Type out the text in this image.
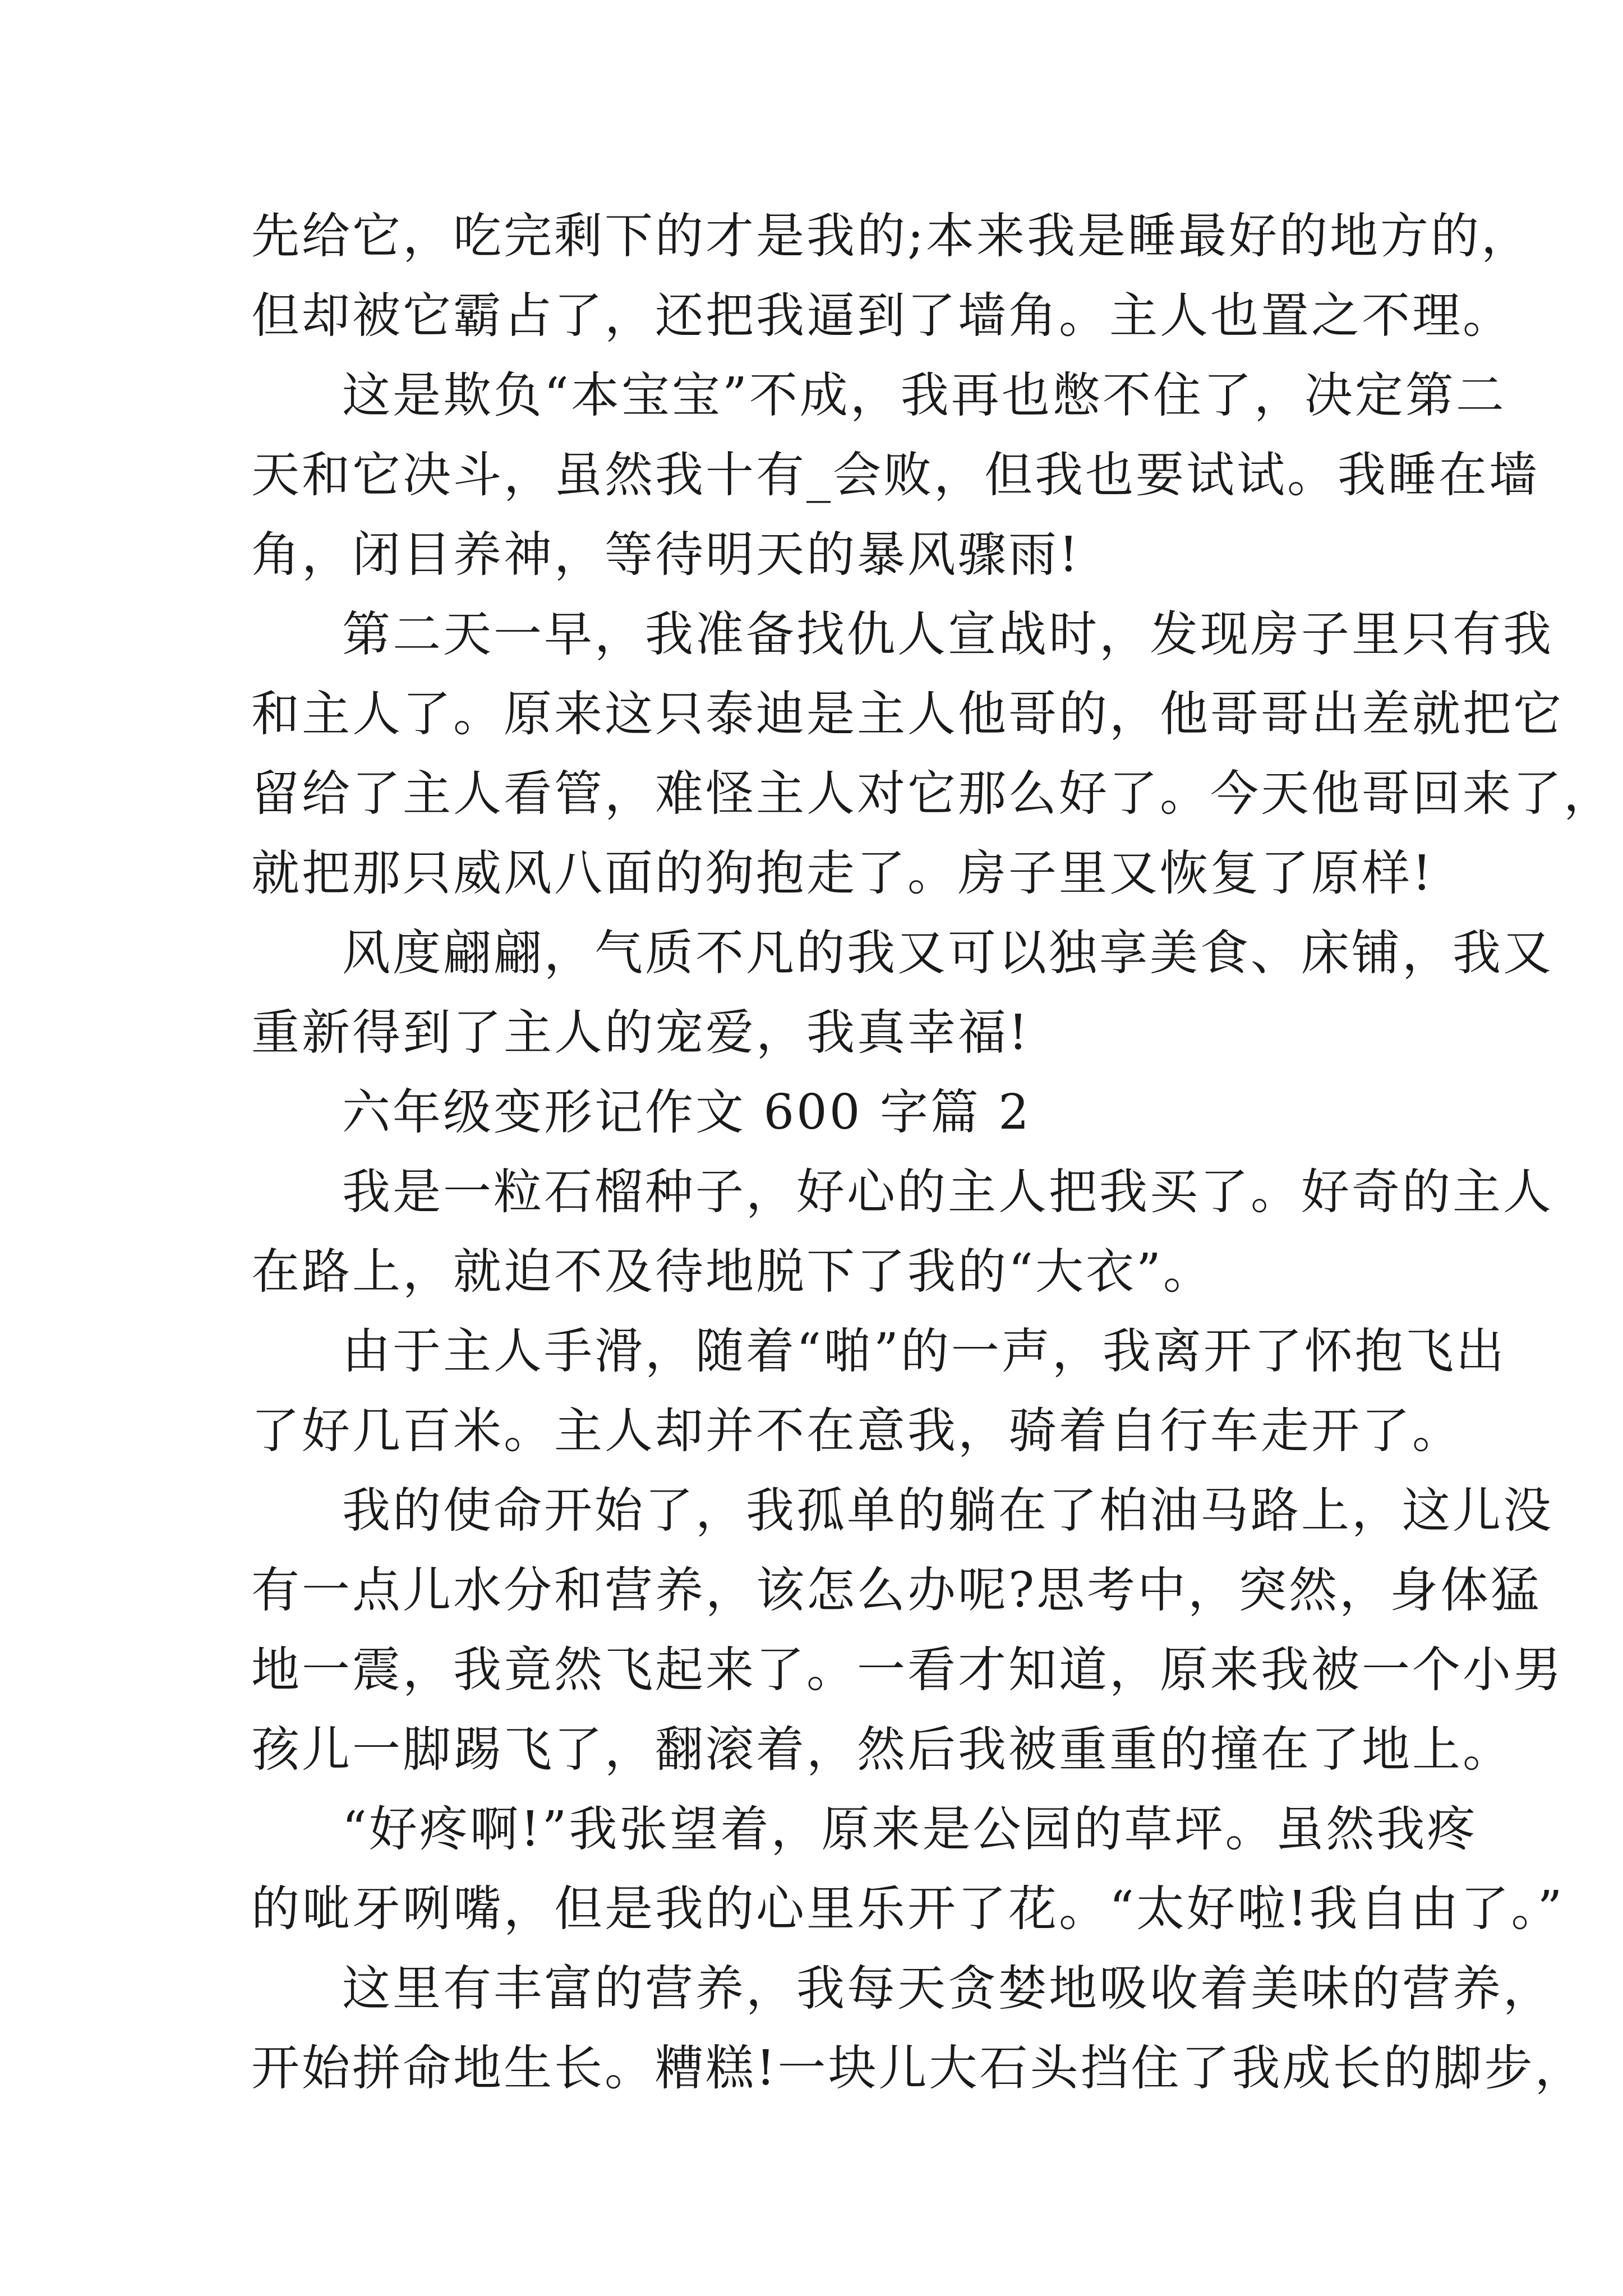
先给它，吃完剩下的才是我的;本来我是睡最好的地方的，
但却被它霸占了，还把我逼到了墙角。主人也置之不理。
这是欺负“本宝宝”不成，我再也憋不住了，决定第二
天和它决斗，虽然我十有_会败，但我也要试试。我睡在墙
角，闭目养神，等待明天的暴风骤雨!
第二天一早，我准备找仇人宣战时，发现房子里只有我
和主人了。原来这只泰迪是主人他哥的，他哥哥出差就把它
留给了主人看管，难怪主人对它那么好了。今天他哥回来了，
就把那只威风八面的狗抱走了。房子里又恢复了原样!
风度翩翩，气质不凡的我又可以独享美食、床铺，我又
重新得到了主人的宠爱，我真幸福!
六年级变形记作文 600 字篇 2
我是一粒石榴种子，好心的主人把我买了。好奇的主人
在路上，就迫不及待地脱下了我的“大衣”。
由于主人手滑，随着“啪”的一声，我离开了怀抱飞出
了好几百米。主人却并不在意我，骑着自行车走开了。
我的使命开始了，我孤单的躺在了柏油马路上，这儿没
有一点儿水分和营养，该怎么办呢?思考中，突然，身体猛
地一震，我竟然飞起来了。一看才知道，原来我被一个小男
孩儿一脚踢飞了，翻滚着，然后我被重重的撞在了地上。
“好疼啊!”我张望着，原来是公园的草坪。虽然我疼
的呲牙咧嘴，但是我的心里乐开了花。“太好啦!我自由了。”
这里有丰富的营养，我每天贪婪地吸收着美味的营养，
开始拼命地生长。糟糕!一块儿大石头挡住了我成长的脚步，
